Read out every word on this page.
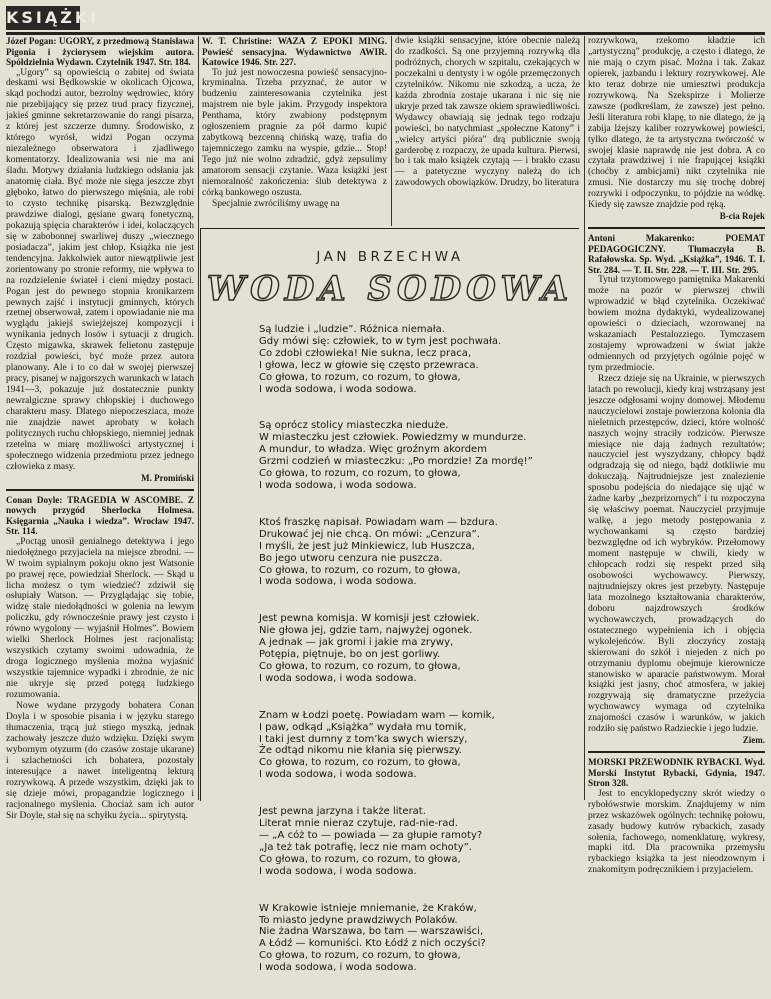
KSIĄŻKI

Józef Pogan: UGORY, z przedmową Stanisława Pigonia i życiorysem wiejskim autora. Spółdzielnia Wydawn. Czytelnik 1947. Str. 184.

„Ugory” są opowieścią o zabitej od świata deskami wsi Będkowskie w okolicach Ojcowa, skąd pochodzi autor, bezrolny wędrowiec, który nie przebijający się przez trud pracy fizycznej, jakieś gminne sekretarzowanie do rangi pisarza, z której jest szczerze dumny. Środowisko, z którego wyrósł, widzi Pogan oczyma niezależnego obserwatora i zjadliwego komentatorzy. Idealizowania wsi nie ma ani śladu. Motywy działania ludzkiego odsłania jak anatomię ciała. Być może nie sięga jeszcze zbyt głęboko, łatwo do pierwszego mięśnia, ale robi to czysto technikę pisarską. Bezwzględnie prawdziwe dialogi, gęsiane gwarą fonetyczną, pokazują spięcia charakterów i idei, kolaczących się w zabobonnej swarliwej duszy „wiecznego posiadacza”, jakim jest chłop. Książka nie jest tendencyjna. Jakkolwiek autor niewątpliwie jest zorientowany po stronie reformy, nie wpływa to na rozdzielenie świateł i cieni między postaci. Pogan jest do pewnego stopnia kronikarzem pewnych zajść i instytucji gminnych, których rzetnej obserwował, zatem i opowiadanie nie ma wyglądu jakiejś swiejżejszej kompozycji i wynikania jednych losów i sytuacji z drugich. Często migawka, skrawek felietonu zastępuje rozdział powieści, być może przez autora planowany. Ale i to co dał w swojej pierwszej pracy, pisanej w najgorszych warunkach w latach 1941—3, pokazuje już dostatecznie punkty newralgiczne sprawy chłopskiej i duchowego charakteru masy. Dlatego niepoczesziaca, może nie znajdzie nawet aprobaty w kołach politycznych ruchu chłopskiego, niemniej jednak rzetelna w miarę możliwości artystycznej i społecznego widzenia przedmiotu przez jednego człowieka z masy.

M. Promiński

Conan Doyle: TRAGEDIA W ASCOMBE. Z nowych przygód Sherlocka Holmesa. Księgarnia „Nauka i wiedza”. Wrocław 1947. Str. 114.

„Poctąg unosił genialnego detektywa i jego niedołężnego przyjaciela na miejsce zbrodni. — W twoim sypialnym pokoju okno jest Watsonie po prawej ręce, powiedział Sherlock. — Skąd u licha możesz o tym wiedzieć? zdziwił się osłupiały Watson. — Przyglądając się tobie, widzę stale niedołądności w golenia na lewym policzku, gdy równocześnie prawy jest czysto i równo wygolony — wyjaśnił Holmes”. Bowiem wielki Sherlock Holmes jest racjonalistą: wszystkich czytamy swoimi udowadnia, że droga logicznego myślenia można wyjaśnić wszystkie tajemnice wypadki i zbrodnie, że nic nie ukryje się przed potęgą ludzkiego rozumowania.

Nowe wydane przygody bohatera Conan Doyla i w sposobie pisania i w języku starego tłumaczenia, trącą już stiego myszką, jednak zachowały jeszcze dużo wdzięku. Dzięki swym wybornym otyzurm (do czasów zostaje ukarane) i szlachetności ich bohatera, pozostały interesujące a nawet inteligentną lekturą rozrywkową. A przede wszystkim, dzięki jak to się dzieje mówi, propagandzie logicznego i racjonalnego myślenia. Chociaż sam ich autor Sir Doyle, stał się na schyłku życia... spirytystą.

W. T. Christine: WAZA Z EPOKI MING. Powieść sensacyjna. Wydawnictwo AWIR. Katowice 1946. Str. 227.

To już jest nowoczesna powieść sensacyjno-kryminalna. Trzeba przyznać, że autor w budzeniu zainteresowania czytelnika jest majstrem nie byle jakim. Przygody inspektora Penthama, który zwabiony podstępnym ogłoszeniem pragnie za pół darmo kupić zabytkową bezcenną chińską wazę, trafia do tajemniczego zamku na wyspie, gdzie... Stop! Tego już nie wolno zdradzić, gdyż zepsulimy amatorom sensacji czytanie. Waza książki jest niemoralność zakończenia: ślub detektywa z córką bankowego oszusta.

Specjalnie zwróciliśmy uwagę na

dwie książki sensacyjne, które obecnie należą do rzadkości. Są one przyjemną rozrywką dla podróżnych, chorych w szpitalu, czekających w poczekalni u dentysty i w ogóle przemęczonych czytelników. Nikomu nie szkodzą, a ucza, że każda zbrodnia zostaje ukarana i nic się nie ukryje przed tak zawsze okiem sprawiedliwości. Wydawcy obawiają się jednak tego rodzaju powieści, bo natychmiast „społeczne Katony” i „wielcy artyści pióra” drą publicznie swoją garderobę z rozpaczy, że upada kultura. Pierwsi, bo i tak mało książek czytają — i brakło czasu — a patetyczne wyczyny należą do ich zawodowych obowiązków. Drudzy, bo literatura

JAN BRZECHWA
WODA SODOWA
Są ludzie i „ludzie”. Różnica niemała.
Gdy mówi się: człowiek, to w tym jest pochwała.
Co zdobi człowieka! Nie sukna, lecz praca,
I głowa, lecz w głowie się często przewraca.
Co głowa, to rozum, co rozum, to głowa,
I woda sodowa, i woda sodowa.
Są oprócz stolicy miasteczka nieduże.
W miasteczku jest człowiek. Powiedzmy w mundurze.
A mundur, to władza. Więc groźnym akordem
Grzmi codzień w miasteczku: „Po mordzie! Za mordę!”
Co głowa, to rozum, co rozum, to głowa,
I woda sodowa, i woda sodowa.
Ktoś fraszkę napisał. Powiadam wam — bzdura.
Drukować jej nie chcą. On mówi: „Cenzura”.
I myśli, że jest już Minkiewicz, lub Huszcza,
Bo jego utworu cenzura nie puszcza.
Co głowa, to rozum, co rozum, to głowa,
I woda sodowa, i woda sodowa.
Jest pewna komisja. W komisji jest człowiek.
Nie głowa jej, gdzie tam, najwyżej ogonek.
A jednak — jak gromi i jakie ma zrywy,
Potępia, piętnuje, bo on jest gorliwy.
Co głowa, to rozum, co rozum, to głowa,
I woda sodowa, i woda sodowa.
Znam w Łodzi poetę. Powiadam wam — komik,
I paw, odkąd „Książka” wydała mu tomik,
I taki jest dumny z tom’ka swych wierszy,
Że odtąd nikomu nie kłania się pierwszy.
Co głowa, to rozum, co rozum, to głowa,
I woda sodowa, i woda sodowa.
Jest pewna jarzyna i także literat.
Literat mnie nieraz czytuje, rad-nie-rad.
— „A cóż to — powiada — za głupie ramoty?
„Ja też tak potrafię, lecz nie mam ochoty”.
Co głowa, to rozum, co rozum, to głowa,
I woda sodowa, i woda sodowa.
W Krakowie istnieje mniemanie, że Kraków,
To miasto jedyne prawdziwych Polaków.
Nie żadna Warszawa, bo tam — warszawiści,
A Łódź — komuniści. Kto Łódź z nich oczyści?
Co głowa, to rozum, co rozum, to głowa,
I woda sodowa, i woda sodowa.

rozrywkowa, rzekomo kładzie ich „artystyczną” produkcję, a często i dlatego, że nie mają o czym pisać. Można i tak. Zakaz opierek, jazbandu i lektury rozrywkowej. Ale kto teraz dobrze nie umiesztwi produkcja rozrywkową. Na Szekspirze i Molierze zawsze (podkreślam, że zawsze) jest pełno. Jeśli literatura robi klapę, to nie dlatego, że ją zabija lżejszy kaliber rozrywkowej powieści, tylko dlatego, że ta artystyczna twórczość w swojej klasie naprawdę nie jest dobra. A co czytała prawdziwej i nie frapującej książki (choćby z ambicjami) nikt czytelnika nie zmusi. Nie dostarczy mu się trochę dobrej rozrywki i odpoczynku, to pójdzie na wódkę. Kiedy się zawsze znajdzie pod ręką.

B-cia Rojek

Antoni Makarenko: POEMAT PEDAGOGICZNY. Tłumaczyła B. Rafałowska. Sp. Wyd. „Książka”, 1946. T. I. Str. 284. — T. II. Str. 228. — T. III. Str. 295.

Tytuł trzytomowego pamiętnika Makarenki może na pozór w pierwszej chwili wprowadzić w błąd czytelnika. Oczekiwać bowiem można dydaktyki, wydealizowanej opowieści o dzieciach, wzorowanej na wskazaniach Pestalozziego. Tymczasem zostajemy wprowadzeni w świat jakże odmiennych od przyjętych ogólnie pojęć w tym przedmiocie.

Rzecz dzieje się na Ukrainie, w pierwszych latach po rewolucji, kiedy kraj wstrząsany jest jeszcze odgłosami wojny domowej. Młodemu nauczycielowi zostaje powierzona kolonia dla nieletnich przestępców, dzieci, które wolność naszych wojny straciły rodziców. Pierwsze miesiące nie dają żadnych rezultatów; nauczyciel jest wyszydzany, chłopcy bądź odgradzają się od niego, bądź dotkliwie mu dokuczają. Najtrudniejsze jest znalezienie sposobu podejścia do niedające się ująć w żadne karby „bezprizornych” i tu rozpoczyna się właściwy poemat. Nauczyciel przyjmuje walkę, a jego metody postępowania z wychowankami są często bardziej bezwzględne od ich wybryków. Przełomowy moment następuje w chwili, kiedy w chłopcach rodzi się respekt przed siłą osobowości wychowawcy. Pierwszy, najtrudniejszy okres jest przebyty. Następuje lata mozolnego kształtowania charakterów, doboru najzdrowszych środków wychowawczych, prowadzących do ostatecznego wypełnienia ich i objęcia wykolejeńców. Byli złoczyńcy zostają skierowani do szkół i niejeden z nich po otrzymaniu dyplomu obejmuje kierownicze stanowisko w aparacie państwowym. Morał książki jest jasny, choć atmosfera, w jakiej rozgrywają się dramatyczne przeżycia wychowawcy wymaga od czytelnika znajomości czasów i warunków, w jakich rodziło się państwo Radzieckie i jego ludzie.

Ziem.

MORSKI PRZEWODNIK RYBACKI. Wyd. Morski Instytut Rybacki, Gdynia, 1947. Stron 328.

Jest to encyklopedyczny skrót wiedzy o rybołówstwie morskim. Znajdujemy w nim przez wskazówek ogólnych: technikę połowu, zasady budowy kutrów rybackich, zasady sołenia, fachowego, nomenklaturę, wykresy, mapki itd. Dla pracownika przemysłu rybackiego książka ta jest nieodzownym i znakomitym podręcznikiem i przyjacielem.
